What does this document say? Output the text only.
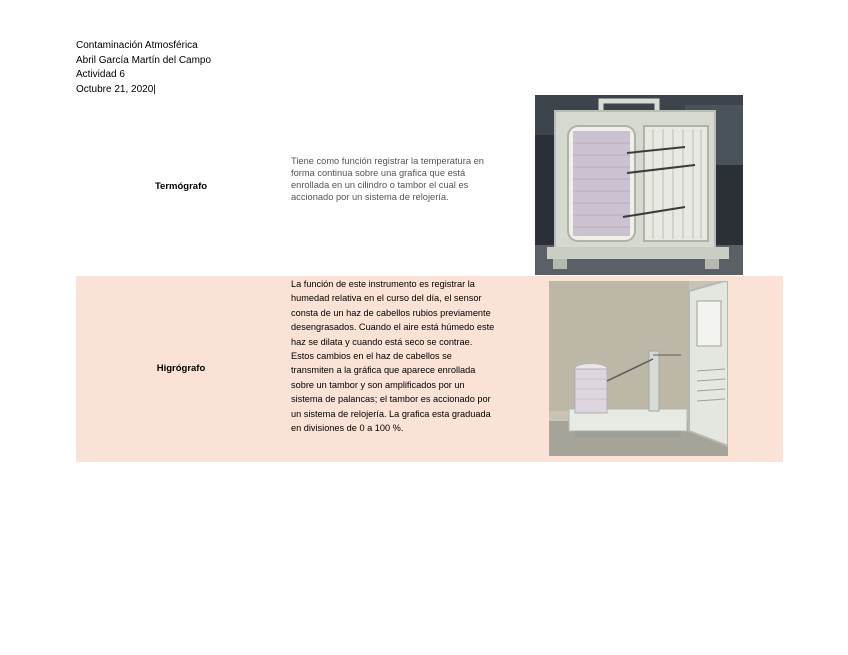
Contaminación Atmosférica
Abril García Martín del Campo
Actividad 6
Octubre 21, 2020|
Termógrafo
Tiene como función registrar la temperatura en forma continua sobre una grafica que está enrollada en un cilindro o tambor el cual es accionado por un sistema de relojería.
Higrógrafo
La función de este instrumento es registrar la humedad relativa en el curso del día, el sensor consta de un haz de cabellos rubios previamente desengrasados. Cuando el aire está húmedo este haz se dilata y cuando está seco se contrae. Estos cambios en el haz de cabellos se transmiten a la gráfica que aparece enrollada sobre un tambor y son amplificados por un sistema de palancas; el tambor es accionado por un sistema de relojería. La grafica esta graduada en divisiones de 0 a 100 %.
